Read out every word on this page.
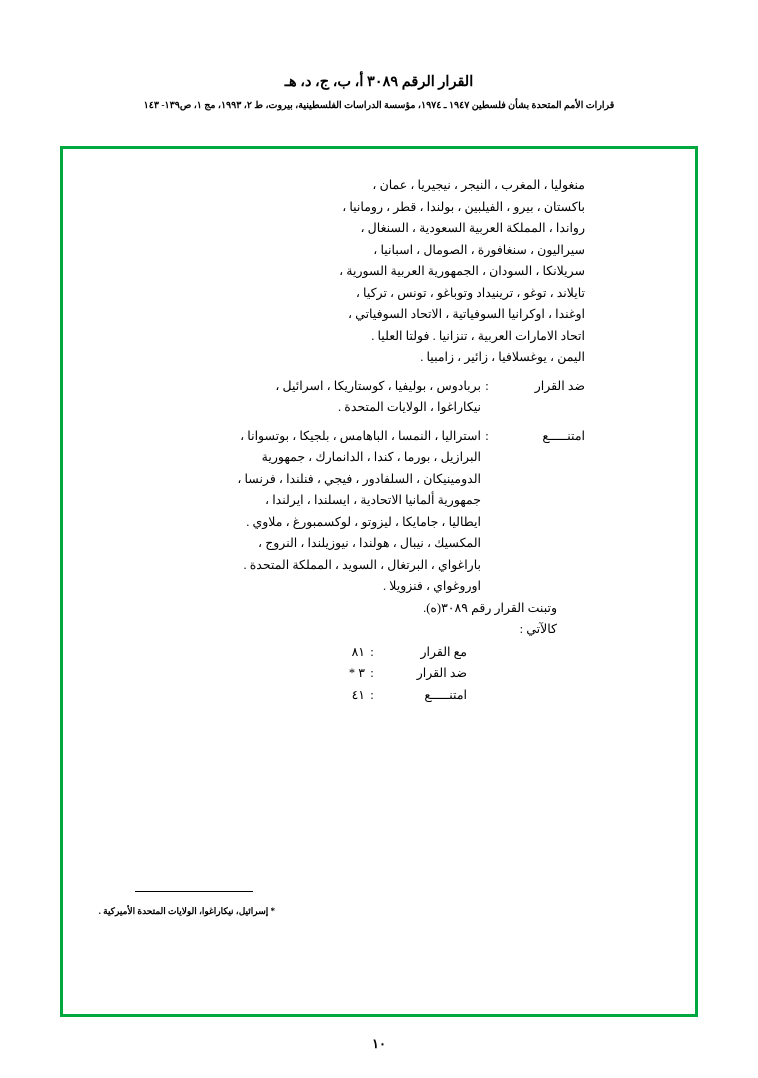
القرار الرقم ٣٠٨٩ أ، ب، ج، د، هـ
قرارات الأمم المتحدة بشأن فلسطين ١٩٤٧ ـ ١٩٧٤، مؤسسة الدراسات الفلسطينية، بيروت، ط ٢، ١٩٩٣، مج ١، ص١٣٩- ١٤٣
منغوليا ، المغرب ، النيجر ، نيجيريا ، عمان ،
باكستان ، بيرو ، الفيلبين ، بولندا ، قطر ، رومانيا ،
رواندا ، المملكة العربية السعودية ، السنغال ،
سيراليون ، سنغافورة ، الصومال ، اسبانيا ،
سريلانكا ، السودان ، الجمهورية العربية السورية ،
تايلاند ، توغو ، ترينيداد وتوباغو ، تونس ، تركيا ،
اوغندا ، اوكرانيا السوفياتية ، الاتحاد السوفياتي ،
اتحاد الامارات العربية ، تنزانيا . فولتا العليا .
اليمن ، يوغسلافيا ، زائير ، زامبيا .
ضد القرار
:
بربادوس ، بوليفيا ، كوستاريكا ، اسرائيل ،
نيكاراغوا ، الولايات المتحدة .
امتنـــــع
:
استراليا ، النمسا ، الباهامس ، بلجيكا ، بوتسوانا ،
البرازيل ، بورما ، كندا ، الدانمارك ، جمهورية
الدومينيكان ، السلفادور ، فيجي ، فنلندا ، فرنسا ،
جمهورية ألمانيا الاتحادية ، ايسلندا ، ايرلندا ،
ايطاليا ، جامايكا ، ليزوتو ، لوكسمبورغ ، ملاوي .
المكسيك ، نيبال ، هولندا ، نيوزيلندا ، النروج ،
باراغواي ، البرتغال ، السويد ، المملكة المتحدة .
اوروغواي ، فنزويلا .
وتبنت القرار رقم ٣٠٨٩(ه).
كالآتي :
مع القرار
:
٨١
ضد القرار
:
٣ *
امتنـــــع
:
٤١
* إسرائيل، نيكاراغوا، الولايات المتحدة الأميركية .
١٠
